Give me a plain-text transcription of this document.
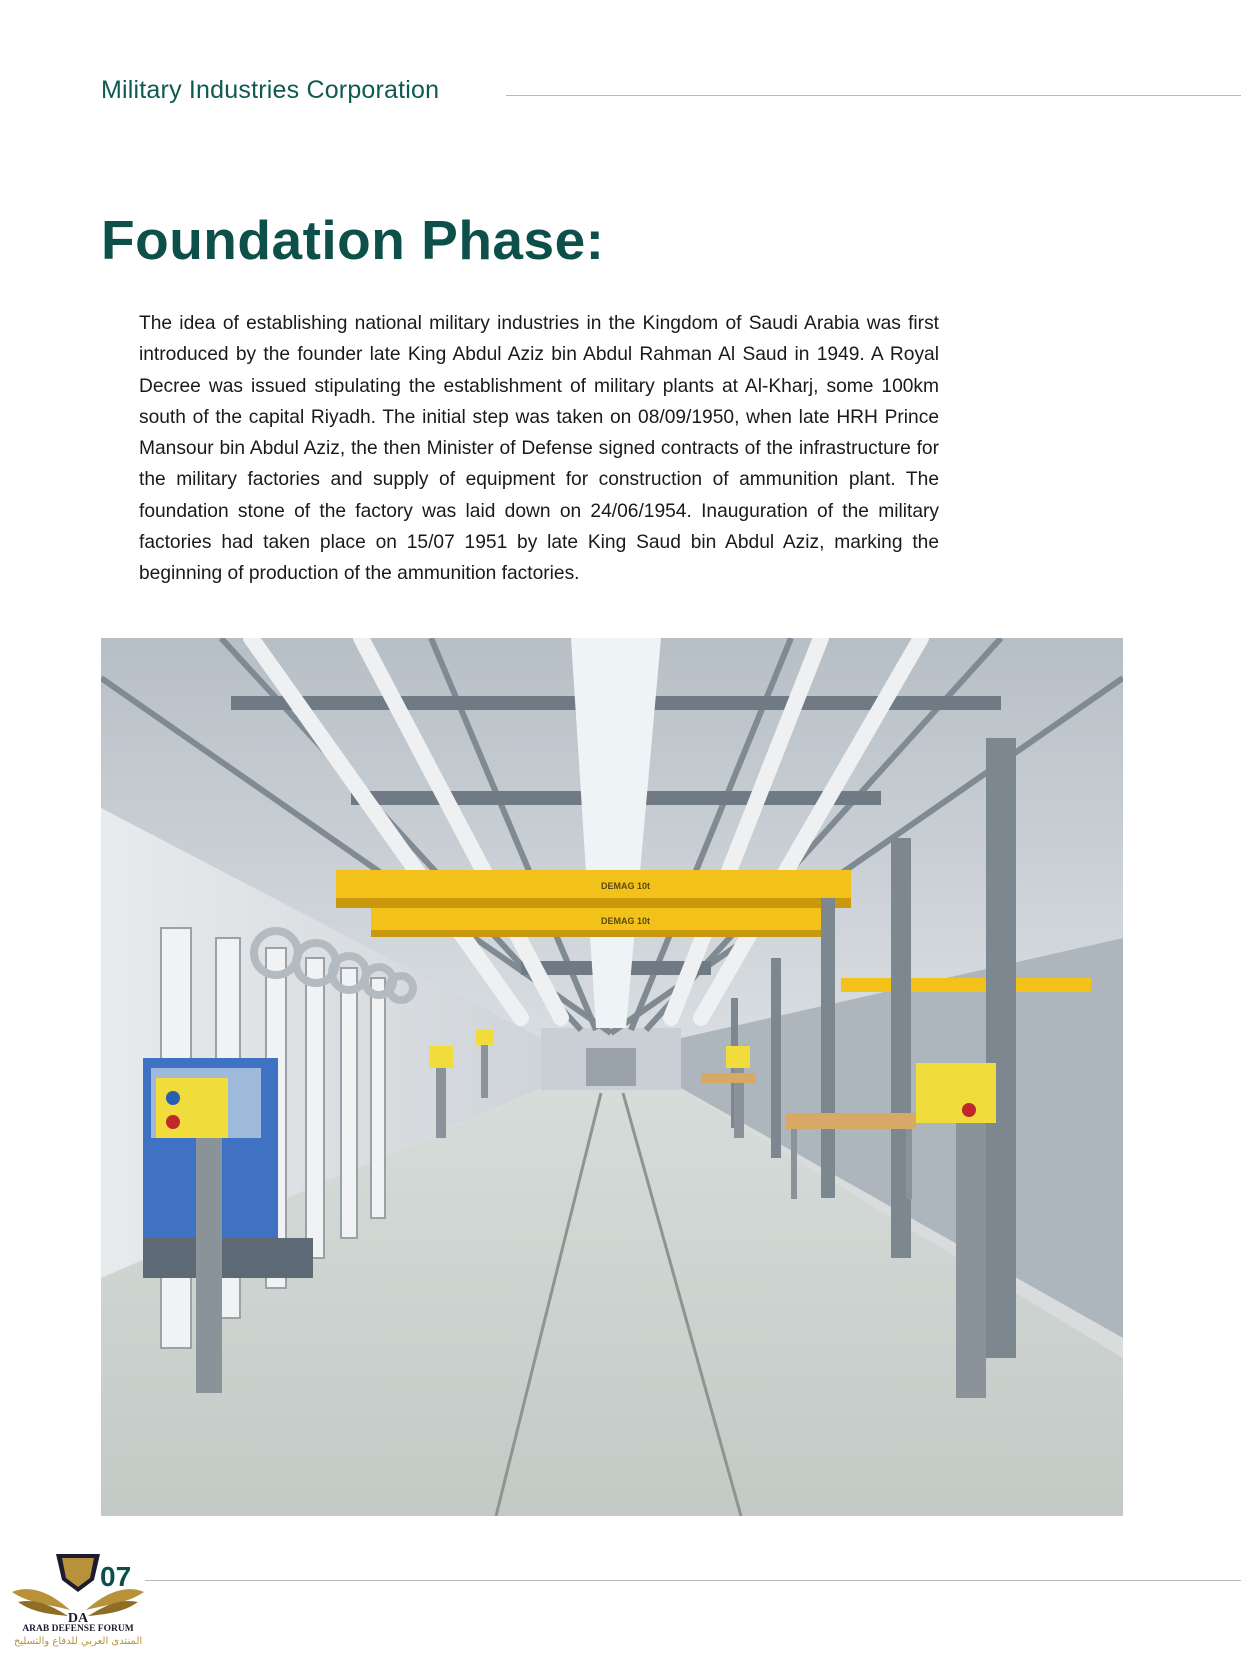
Military Industries Corporation
Foundation Phase:

The idea of establishing national military industries in the Kingdom of Saudi Arabia was first introduced by the founder late King Abdul Aziz bin Abdul Rahman Al Saud in 1949. A Royal Decree was issued stipulating the establishment of military plants at Al-Kharj, some 100km south of the capital Riyadh. The initial step was taken on 08/09/1950, when late HRH Prince Mansour bin Abdul Aziz, the then Minister of Defense signed contracts of the infrastructure for the military factories and supply of equipment for construction of ammunition plant. The foundation stone of the factory was laid down on 24/06/1954. Inauguration of the military factories had taken place on 15/07 1951 by late King Saud bin Abdul Aziz, marking the beginning of production of the ammunition factories.

DEMAG 10t
DEMAG 10t
07
DA
ARAB DEFENSE FORUM
المنتدى العربي للدفاع والتسليح
